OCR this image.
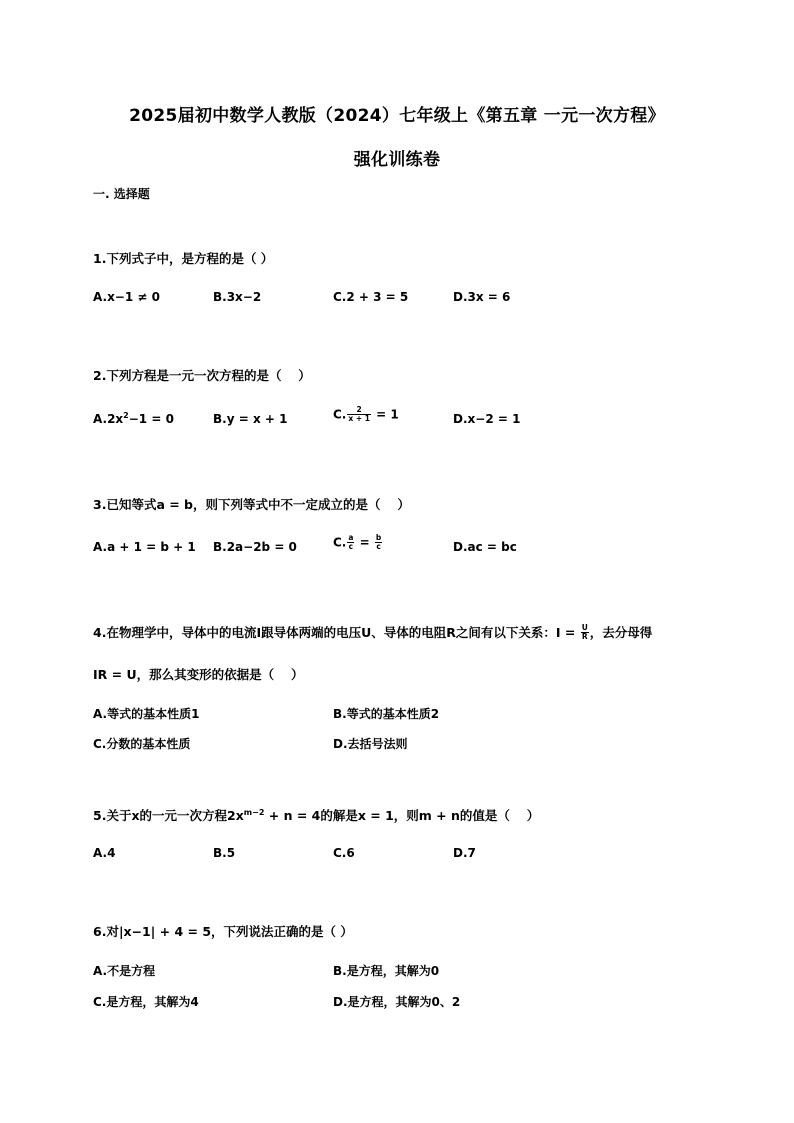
2025届初中数学人教版（2024）七年级上《第五章 一元一次方程》
强化训练卷
一. 选择题
1.下列式子中，是方程的是（ ）
A.x−1 ≠ 0	B.3x−2	C.2 + 3 = 5	D.3x = 6
2.下列方程是一元一次方程的是（　 ）
$A.2x^2-1 = 0$	B.y = x + 1	C. $\frac{2}{x + 1} = 1$	D.x−2 = 1
3.已知等式a = b，则下列等式中不一定成立的是（　 ）
A.a + 1 = b + 1 B.2a−2b = 0	C. $\frac{a}{c} = \frac{b}{c}$	D.ac = bc
4.在物理学中，导体中的电流I跟导体两端的电压U、导体的电阻R之间有以下关系：$I = \frac{U}{R}$ ，去分母得
IR = U，那么其变形的依据是（　 ）
A.等式的基本性质1	B.等式的基本性质2
C.分数的基本性质	D.去括号法则
5.关于x的一元一次方程$2x^{m-2} + n = 4$的解是x = 1，则m + n的值是（　 ）
A.4	B.5	C.6	D.7
6.对|x−1| + 4 = 5，下列说法正确的是（ ）
A.不是方程	B.是方程，其解为0
C.是方程，其解为4	D.是方程，其解为0、2
